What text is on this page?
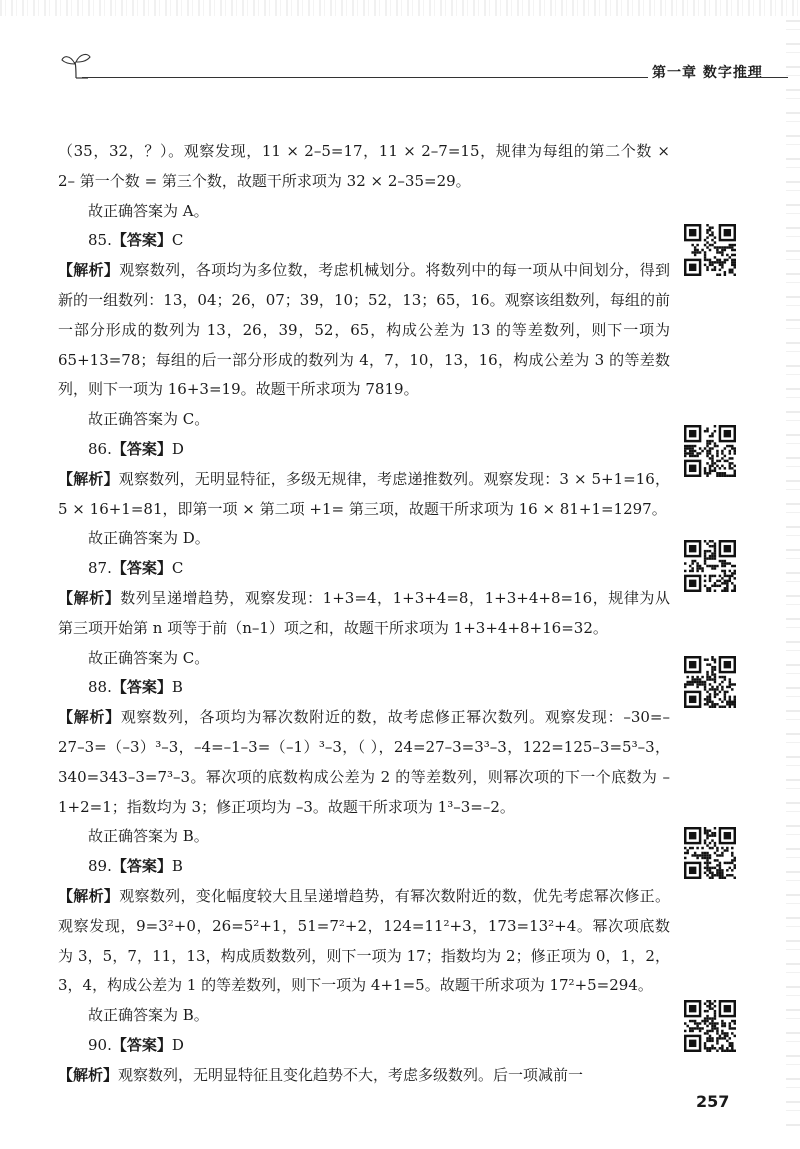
第一章 数字推理

（35，32，？）。观察发现，11 × 2–5=17，11 × 2–7=15，规律为每组的第二个数 × 2– 第一个数 = 第三个数，故题干所求项为 32 × 2–35=29。

故正确答案为 A。

85.【答案】C

【解析】观察数列，各项均为多位数，考虑机械划分。将数列中的每一项从中间划分，得到新的一组数列：13，04；26，07；39，10；52，13；65，16。观察该组数列，每组的前一部分形成的数列为 13，26，39，52，65，构成公差为 13 的等差数列，则下一项为 65+13=78；每组的后一部分形成的数列为 4，7，10，13，16，构成公差为 3 的等差数列，则下一项为 16+3=19。故题干所求项为 7819。

故正确答案为 C。

86.【答案】D

【解析】观察数列，无明显特征，多级无规律，考虑递推数列。观察发现：3 × 5+1=16，5 × 16+1=81，即第一项 × 第二项 +1= 第三项，故题干所求项为 16 × 81+1=1297。

故正确答案为 D。

87.【答案】C

【解析】数列呈递增趋势，观察发现：1+3=4，1+3+4=8，1+3+4+8=16，规律为从第三项开始第 n 项等于前（n–1）项之和，故题干所求项为 1+3+4+8+16=32。

故正确答案为 C。

88.【答案】B

【解析】观察数列，各项均为幂次数附近的数，故考虑修正幂次数列。观察发现：–30=–27–3=（–3）³–3，–4=–1–3=（–1）³–3，（ ），24=27–3=3³–3，122=125–3=5³–3，340=343–3=7³–3。幂次项的底数构成公差为 2 的等差数列，则幂次项的下一个底数为 –1+2=1；指数均为 3；修正项均为 –3。故题干所求项为 1³–3=–2。

故正确答案为 B。

89.【答案】B

【解析】观察数列，变化幅度较大且呈递增趋势，有幂次数附近的数，优先考虑幂次修正。观察发现，9=3²+0，26=5²+1，51=7²+2，124=11²+3，173=13²+4。幂次项底数为 3，5，7，11，13，构成质数数列，则下一项为 17；指数均为 2；修正项为 0，1，2，3，4，构成公差为 1 的等差数列，则下一项为 4+1=5。故题干所求项为 17²+5=294。

故正确答案为 B。

90.【答案】D

【解析】观察数列，无明显特征且变化趋势不大，考虑多级数列。后一项减前一

257
